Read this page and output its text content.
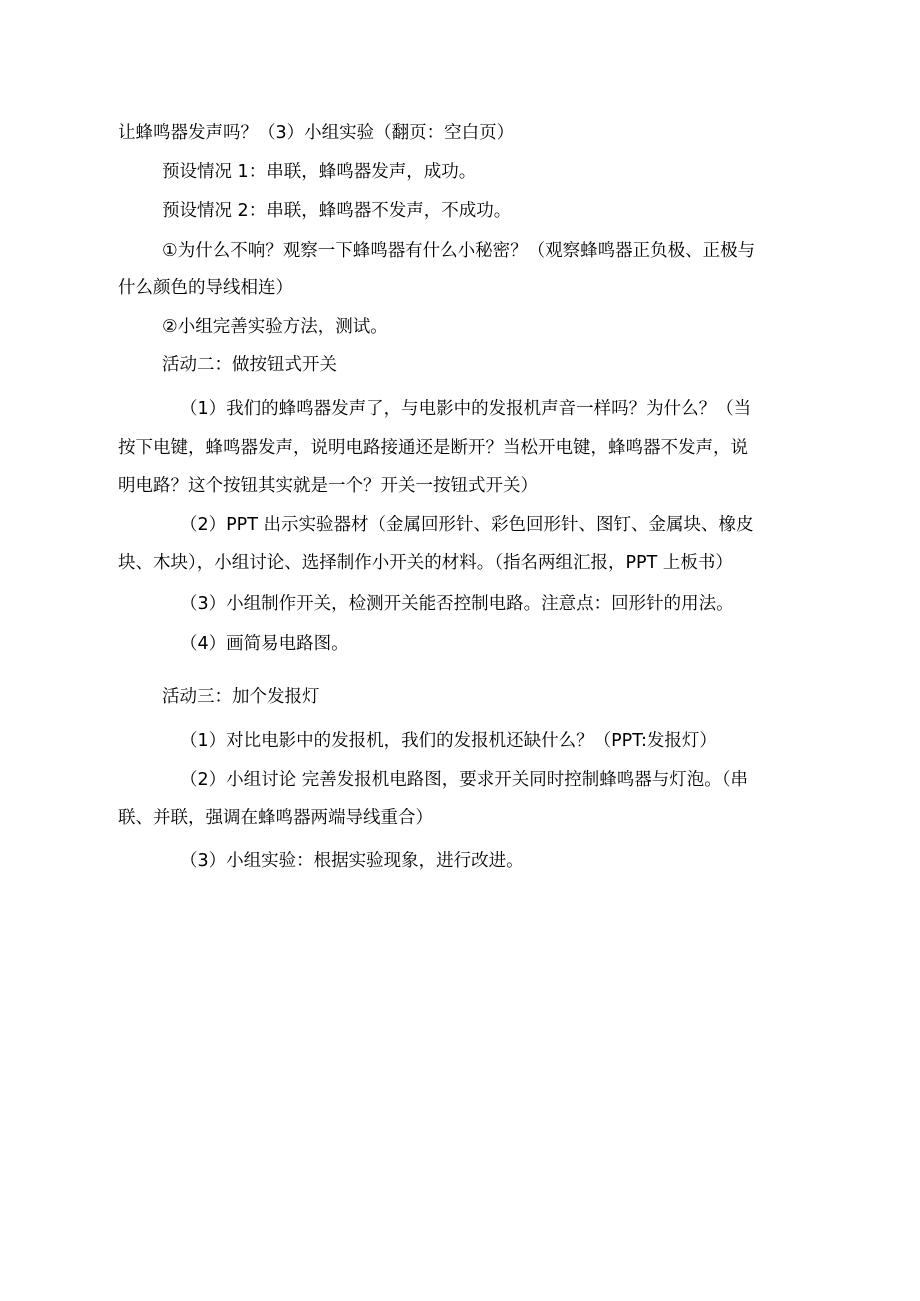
让蜂鸣器发声吗？（3）小组实验（翻页：空白页）
预设情况 1：串联，蜂鸣器发声，成功。
预设情况 2：串联，蜂鸣器不发声，不成功。
①为什么不响？观察一下蜂鸣器有什么小秘密？（观察蜂鸣器正负极、正极与
什么颜色的导线相连）
②小组完善实验方法，测试。
活动二：做按钮式开关
（1）我们的蜂鸣器发声了，与电影中的发报机声音一样吗？为什么？（当
按下电键，蜂鸣器发声，说明电路接通还是断开？当松开电键，蜂鸣器不发声，说
明电路？这个按钮其实就是一个？开关一按钮式开关）
（2）PPT 出示实验器材（金属回形针、彩色回形针、图钉、金属块、橡皮
块、木块），小组讨论、选择制作小开关的材料。（指名两组汇报，PPT 上板书）
（3）小组制作开关，检测开关能否控制电路。注意点：回形针的用法。
（4）画简易电路图。
活动三：加个发报灯
（1）对比电影中的发报机，我们的发报机还缺什么？（PPT:发报灯）
（2）小组讨论 完善发报机电路图，要求开关同时控制蜂鸣器与灯泡。（串
联、并联，强调在蜂鸣器两端导线重合）
（3）小组实验：根据实验现象，进行改进。
